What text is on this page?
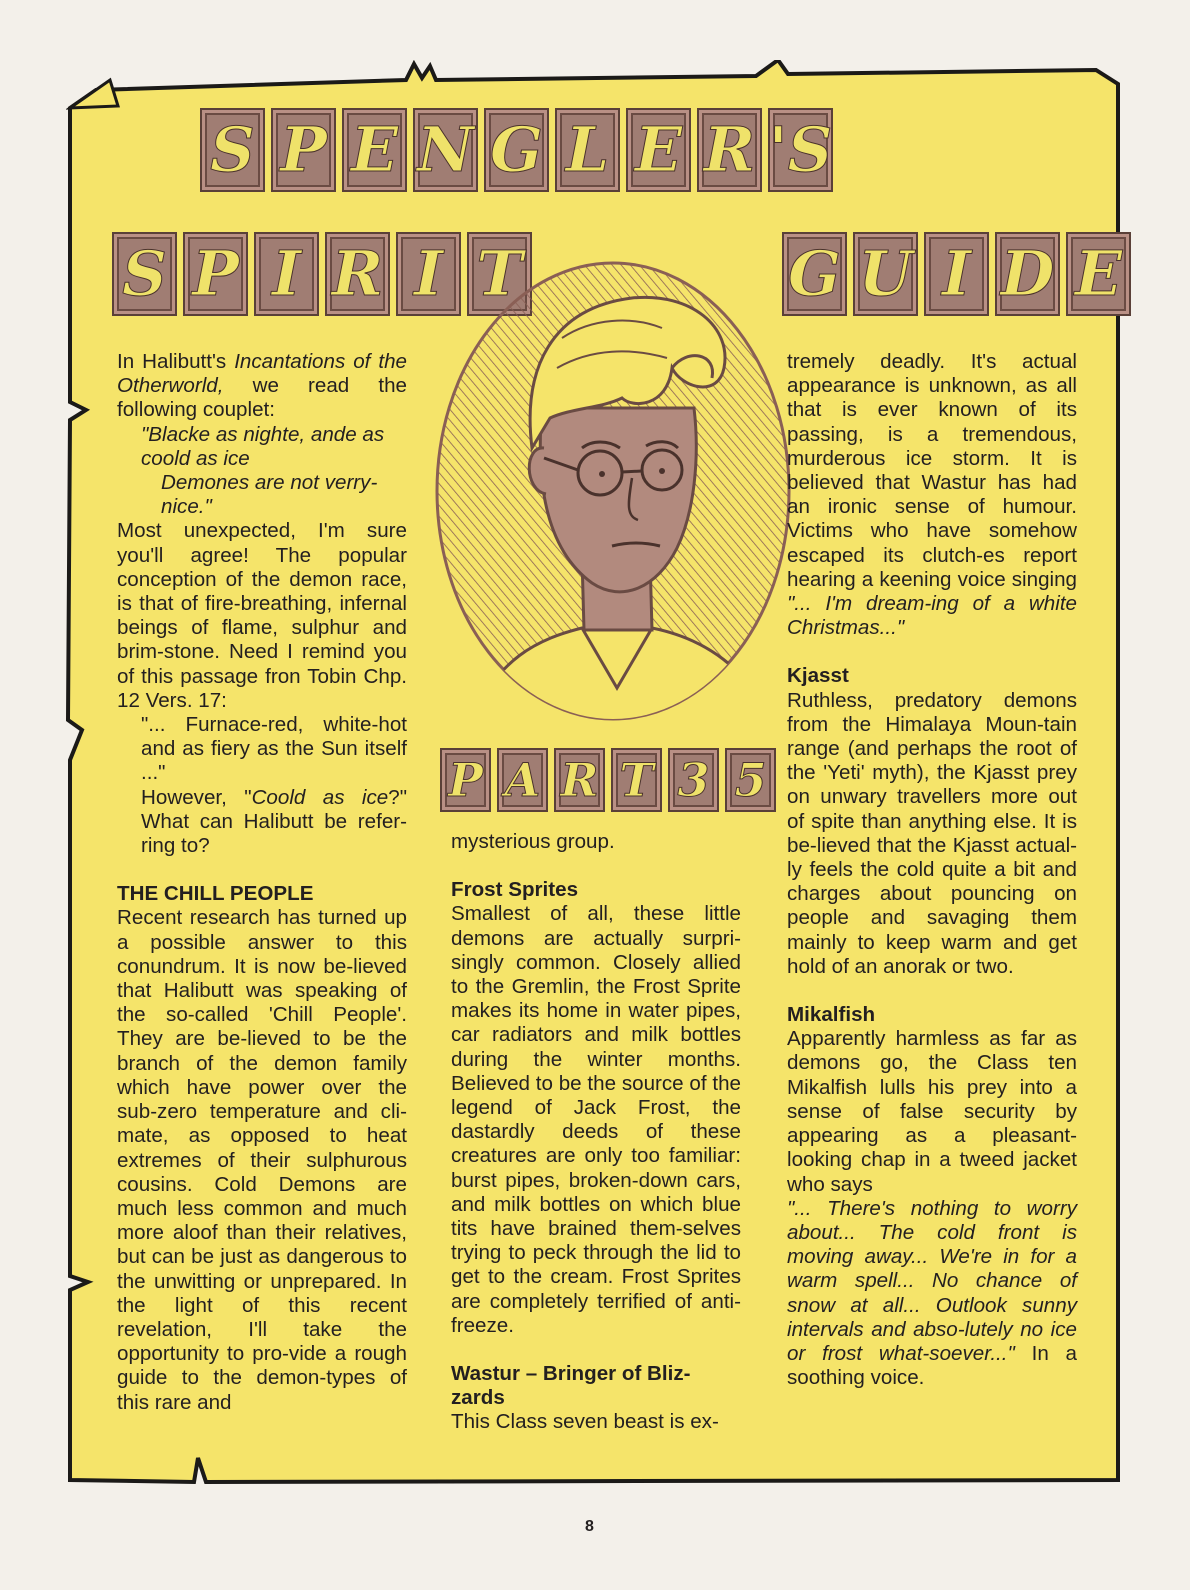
S P E N G L E R 'S
S P I R I T	G U I D E
P A R T 3 5

In Halibutt's Incantations of the Otherworld, we read the following couplet:

"Blacke as nighte, ande as coold as ice

Demones are not verry-nice."

Most unexpected, I'm sure you'll agree! The popular conception of the demon race, is that of fire-breathing, infernal beings of flame, sulphur and brim-stone. Need I remind you of this passage fron Tobin Chp. 12 Vers. 17:

"... Furnace-red, white-hot and as fiery as the Sun itself ..."

However, "Coold as ice?" What can Halibutt be refer-ring to?

THE CHILL PEOPLE

Recent research has turned up a possible answer to this conundrum. It is now be-lieved that Halibutt was speaking of the so-called 'Chill People'. They are be-lieved to be the branch of the demon family which have power over the sub-zero temperature and cli-mate, as opposed to heat extremes of their sulphurous cousins. Cold Demons are much less common and much more aloof than their relatives, but can be just as dangerous to the unwitting or unprepared. In the light of this recent revelation, I'll take the opportunity to pro-vide a rough guide to the demon-types of this rare and

mysterious group.

Frost Sprites

Smallest of all, these little demons are actually surpri-singly common. Closely allied to the Gremlin, the Frost Sprite makes its home in water pipes, car radiators and milk bottles during the winter months. Believed to be the source of the legend of Jack Frost, the dastardly deeds of these creatures are only too familiar: burst pipes, broken-down cars, and milk bottles on which blue tits have brained them-selves trying to peck through the lid to get to the cream. Frost Sprites are completely terrified of anti-freeze.

Wastur – Bringer of Bliz-zards

This Class seven beast is ex-

tremely deadly. It's actual appearance is unknown, as all that is ever known of its passing, is a tremendous, murderous ice storm. It is believed that Wastur has had an ironic sense of humour. Victims who have somehow escaped its clutch-es report hearing a keening voice singing "... I'm dream-ing of a white Christmas..."

Kjasst

Ruthless, predatory demons from the Himalaya Moun-tain range (and perhaps the root of the 'Yeti' myth), the Kjasst prey on unwary travellers more out of spite than anything else. It is be-lieved that the Kjasst actual-ly feels the cold quite a bit and charges about pouncing on people and savaging them mainly to keep warm and get hold of an anorak or two.

Mikalfish

Apparently harmless as far as demons go, the Class ten Mikalfish lulls his prey into a sense of false security by appearing as a pleasant-looking chap in a tweed jacket who says

"... There's nothing to worry about... The cold front is moving away... We're in for a warm spell... No chance of snow at all... Outlook sunny intervals and abso-lutely no ice or frost what-soever..." In a soothing voice.

8
